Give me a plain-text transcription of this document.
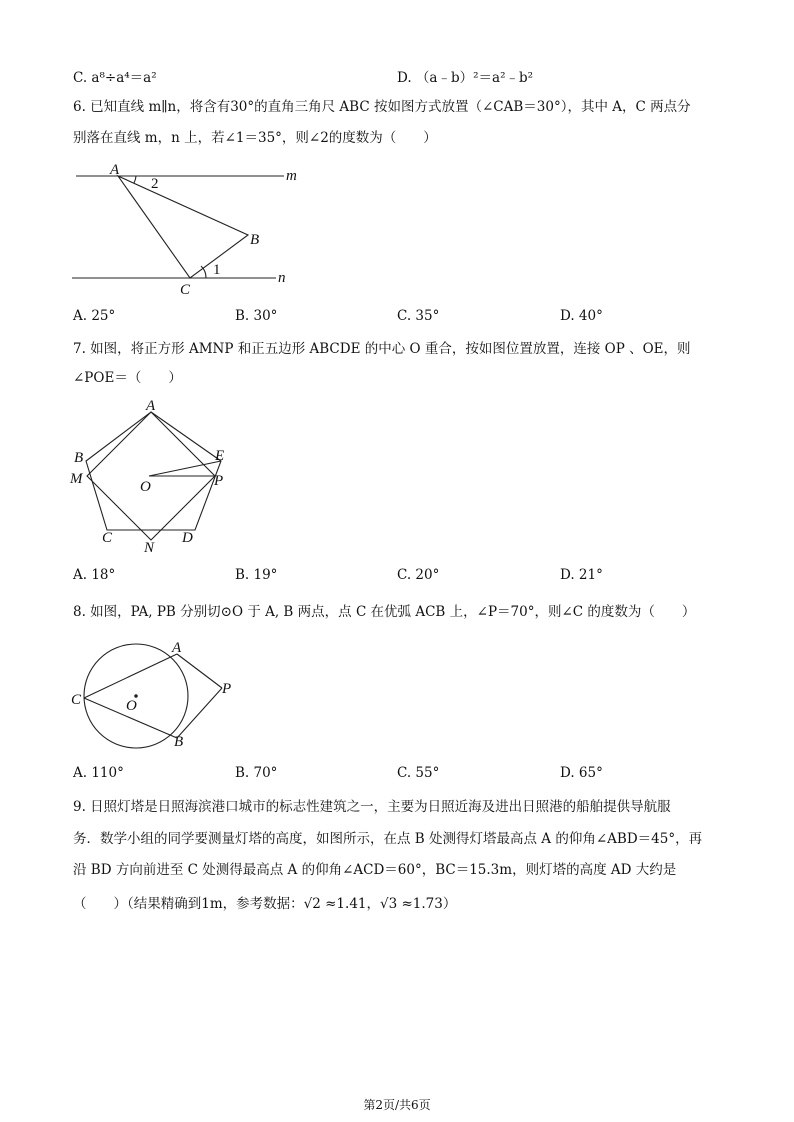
C. a⁸÷a⁴＝a²	D. （a﹣b）²＝a²﹣b²
6. 已知直线 m∥n，将含有30°的直角三角尺 ABC 按如图方式放置（∠CAB＝30°），其中 A，C 两点分
别落在直线 m，n 上，若∠1＝35°，则∠2的度数为（　　）
A
B
C
m
n
1
2
A. 25°	B. 30°	C. 35°	D. 40°
7. 如图，将正方形 AMNP 和正五边形 ABCDE 的中心 O 重合，按如图位置放置，连接 OP 、OE，则
∠POE＝（　　）
A
B
M
C
N
D
E
P
O
A. 18°	B. 19°	C. 20°	D. 21°
8. 如图，PA, PB 分别切⊙O 于 A, B 两点，点 C 在优弧 ACB 上，∠P＝70°，则∠C 的度数为（　　）
A
B
C	O
P
A. 110°	B. 70°	C. 55°	D. 65°
9. 日照灯塔是日照海滨港口城市的标志性建筑之一，主要为日照近海及进出日照港的船舶提供导航服
务．数学小组的同学要测量灯塔的高度，如图所示，在点 B 处测得灯塔最高点 A 的仰角∠ABD＝45°，再
沿 BD 方向前进至 C 处测得最高点 A 的仰角∠ACD＝60°，BC＝15.3m，则灯塔的高度 AD 大约是
（　　）（结果精确到1m，参考数据：√2 ≈1.41，√3 ≈1.73）
第2页/共6页
